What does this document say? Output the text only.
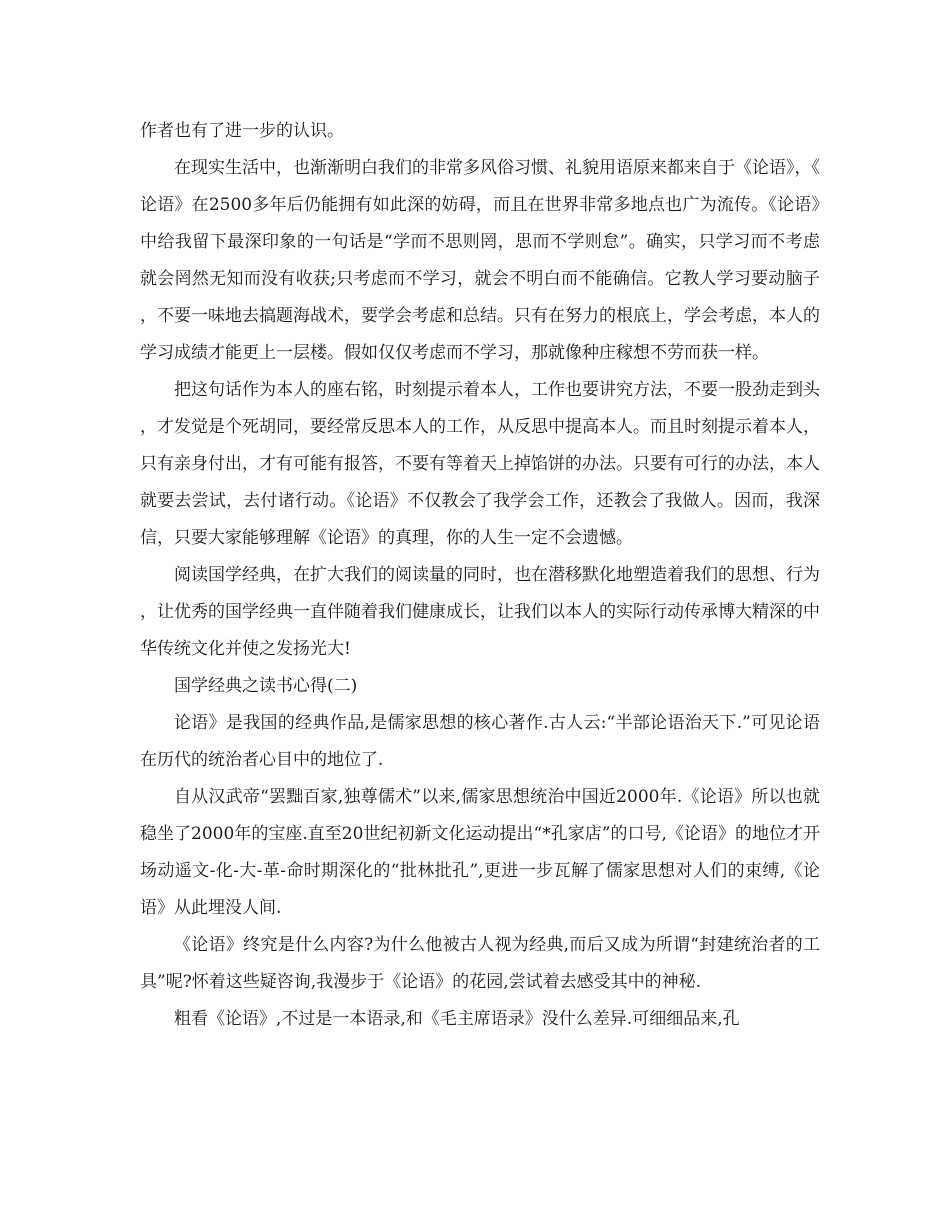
作者也有了进一步的认识。

在现实生活中，也渐渐明白我们的非常多风俗习惯、礼貌用语原来都来自于《论语》，《论语》在2500多年后仍能拥有如此深的妨碍，而且在世界非常多地点也广为流传。《论语》中给我留下最深印象的一句话是“学而不思则罔，思而不学则怠”。确实，只学习而不考虑就会罔然无知而没有收获;只考虑而不学习，就会不明白而不能确信。它教人学习要动脑子，不要一味地去搞题海战术，要学会考虑和总结。只有在努力的根底上，学会考虑，本人的学习成绩才能更上一层楼。假如仅仅考虑而不学习，那就像种庄稼想不劳而获一样。

把这句话作为本人的座右铭，时刻提示着本人，工作也要讲究方法，不要一股劲走到头，才发觉是个死胡同，要经常反思本人的工作，从反思中提高本人。而且时刻提示着本人，只有亲身付出，才有可能有报答，不要有等着天上掉馅饼的办法。只要有可行的办法，本人就要去尝试，去付诸行动。《论语》不仅教会了我学会工作，还教会了我做人。因而，我深信，只要大家能够理解《论语》的真理，你的人生一定不会遗憾。

阅读国学经典，在扩大我们的阅读量的同时，也在潜移默化地塑造着我们的思想、行为，让优秀的国学经典一直伴随着我们健康成长，让我们以本人的实际行动传承博大精深的中华传统文化并使之发扬光大!

国学经典之读书心得(二)

论语》是我国的经典作品,是儒家思想的核心著作.古人云:“半部论语治天下.”可见论语在历代的统治者心目中的地位了.

自从汉武帝“罢黜百家,独尊儒术”以来,儒家思想统治中国近2000年.《论语》所以也就稳坐了2000年的宝座.直至20世纪初新文化运动提出“*孔家店”的口号,《论语》的地位才开场动遥文-化-大-革-命时期深化的“批林批孔”,更进一步瓦解了儒家思想对人们的束缚,《论语》从此埋没人间.

《论语》终究是什么内容?为什么他被古人视为经典,而后又成为所谓“封建统治者的工具”呢?怀着这些疑咨询,我漫步于《论语》的花园,尝试着去感受其中的神秘.

粗看《论语》,不过是一本语录,和《毛主席语录》没什么差异.可细细品来,孔
